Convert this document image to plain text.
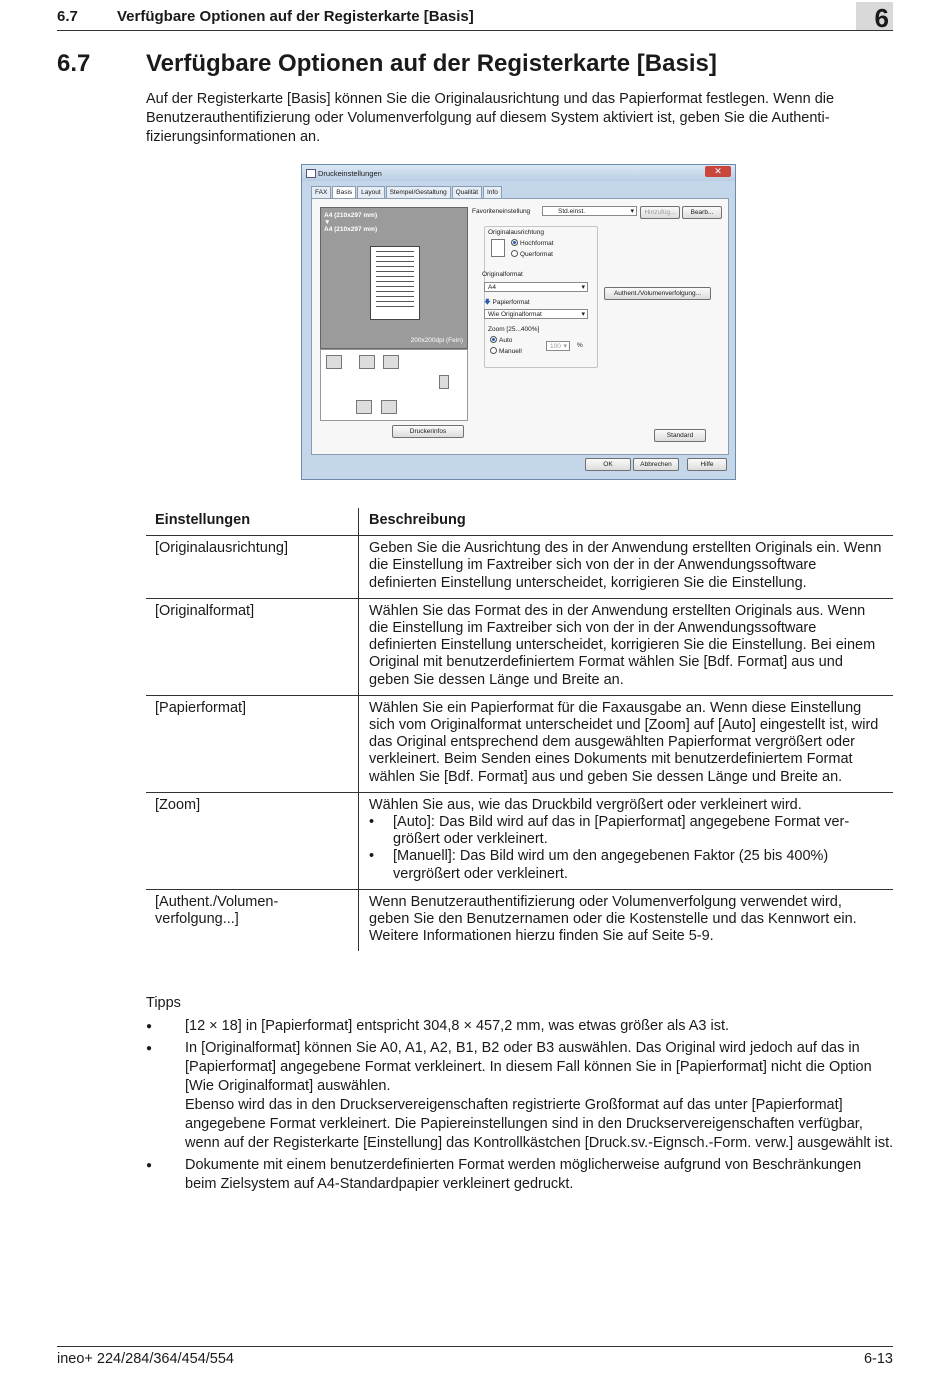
6.7	Verfügbare Optionen auf der Registerkarte [Basis]	6
6.7 Verfügbare Optionen auf der Registerkarte [Basis]
Auf der Registerkarte [Basis] können Sie die Originalausrichtung und das Papierformat festlegen. Wenn die Benutzerauthentifizierung oder Volumenverfolgung auf diesem System aktiviert ist, geben Sie die Authentifizierungsinformationen an.
Druckeinstellungen	✕
FAX Basis Layout Stempel/Gestaltung Qualität Info
A4 (210x297 mm)
▼
A4 (210x297 mm)
200x200dpi (Fein)
Druckerinfos
Favoriteneinstellung	Std.einst. ▾	Hinzufüg...	Bearb...
Originalausrichtung
Hochformat
Querformat
Originalformat
A4 ▾
🡇 Papierformat
Wie Originalformat ▾
Zoom [25...400%]
Auto
Manuell
100 ▾	%
Authent./Volumenverfolgung...
Standard
OK	Abbrechen	Hilfe
Einstellungen	Beschreibung
[Originalausrichtung]	Geben Sie die Ausrichtung des in der Anwendung erstellten Originals ein. Wenn die Einstellung im Faxtreiber sich von der in der Anwendungssoftware definierten Einstellung unterscheidet, korrigieren Sie die Einstellung.
[Originalformat]	Wählen Sie das Format des in der Anwendung erstellten Originals aus. Wenn die Einstellung im Faxtreiber sich von der in der Anwendungssoftware definierten Einstellung unterscheidet, korrigieren Sie die Einstellung. Bei einem Original mit benutzerdefiniertem Format wählen Sie [Bdf. Format] aus und geben Sie dessen Länge und Breite an.
[Papierformat]	Wählen Sie ein Papierformat für die Faxausgabe an. Wenn diese Einstellung sich vom Originalformat unterscheidet und [Zoom] auf [Auto] eingestellt ist, wird das Original entsprechend dem ausgewählten Papierformat vergrößert oder verkleinert. Beim Senden eines Dokuments mit benutzerdefiniertem Format wählen Sie [Bdf. Format] aus und geben Sie dessen Länge und Breite an.
[Zoom]	Wählen Sie aus, wie das Druckbild vergrößert oder verkleinert wird.
• [Auto]: Das Bild wird auf das in [Papierformat] angegebene Format vergrößert oder verkleinert.
• [Manuell]: Das Bild wird um den angegebenen Faktor (25 bis 400%) vergrößert oder verkleinert.

[Authent./Volumenverfolgung...]	Wenn Benutzerauthentifizierung oder Volumenverfolgung verwendet wird, geben Sie den Benutzernamen oder die Kostenstelle und das Kennwort ein. Weitere Informationen hierzu finden Sie auf Seite 5-9.
Tipps
● [12 × 18] in [Papierformat] entspricht 304,8 × 457,2 mm, was etwas größer als A3 ist.
● In [Originalformat] können Sie A0, A1, A2, B1, B2 oder B3 auswählen. Das Original wird jedoch auf das in [Papierformat] angegebene Format verkleinert. In diesem Fall können Sie in [Papierformat] nicht die Option [Wie Originalformat] auswählen.
Ebenso wird das in den Druckservereigenschaften registrierte Großformat auf das unter [Papierformat] angegebene Format verkleinert. Die Papiereinstellungen sind in den Druckservereigenschaften verfügbar, wenn auf der Registerkarte [Einstellung] das Kontrollkästchen [Druck.sv.-Eignsch.-Form. verw.] ausgewählt ist.
● Dokumente mit einem benutzerdefinierten Format werden möglicherweise aufgrund von Beschränkungen beim Zielsystem auf A4-Standardpapier verkleinert gedruckt.
ineo+ 224/284/364/454/554	6-13
